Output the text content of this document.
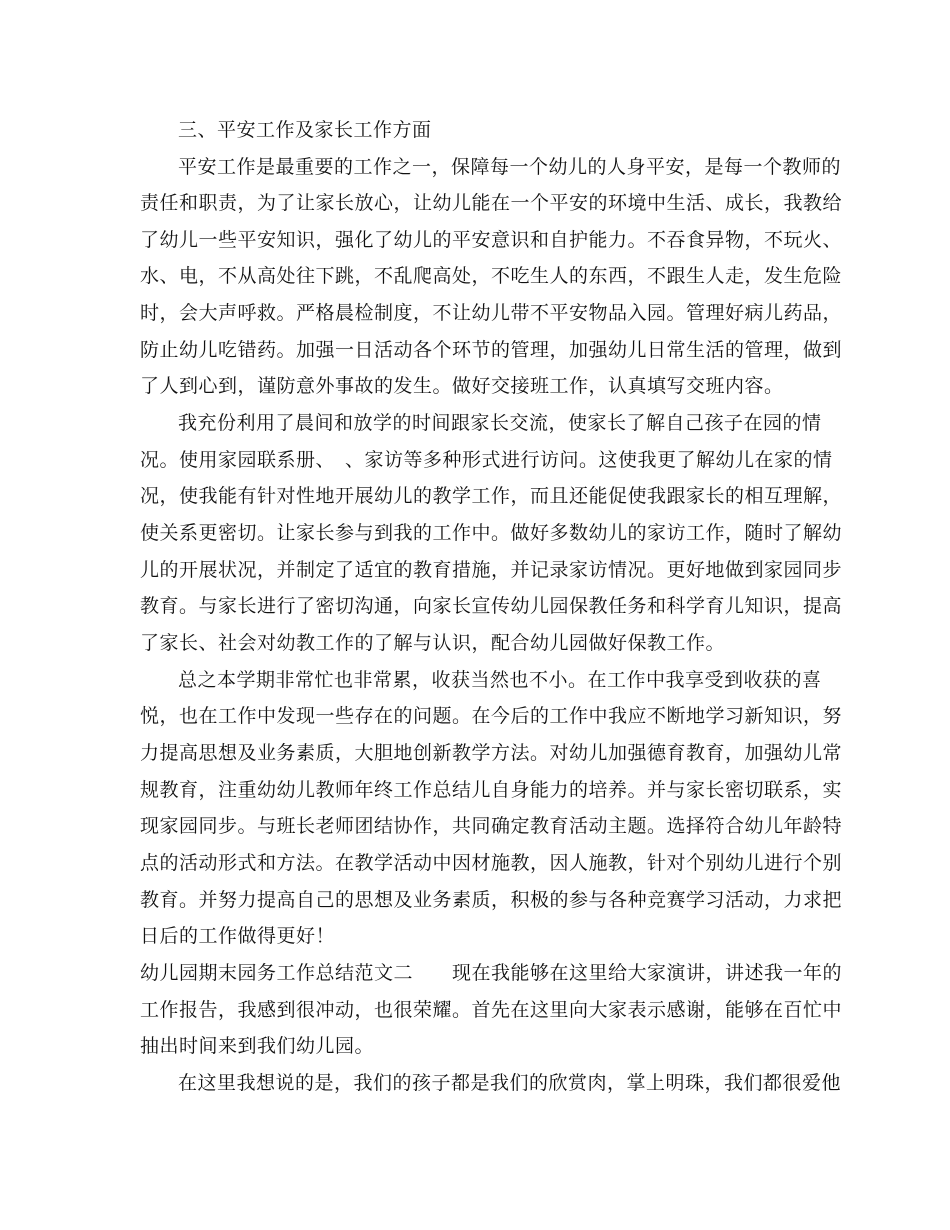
三、平安工作及家长工作方面
平安工作是最重要的工作之一，保障每一个幼儿的人身平安，是每一个教师的
责任和职责，为了让家长放心，让幼儿能在一个平安的环境中生活、成长，我教给
了幼儿一些平安知识，强化了幼儿的平安意识和自护能力。不吞食异物，不玩火、
水、电，不从高处往下跳，不乱爬高处，不吃生人的东西，不跟生人走，发生危险
时，会大声呼救。严格晨检制度，不让幼儿带不平安物品入园。管理好病儿药品，
防止幼儿吃错药。加强一日活动各个环节的管理，加强幼儿日常生活的管理，做到
了人到心到，谨防意外事故的发生。做好交接班工作，认真填写交班内容。
我充份利用了晨间和放学的时间跟家长交流，使家长了解自己孩子在园的情
况。使用家园联系册、　、家访等多种形式进行访问。这使我更了解幼儿在家的情
况，使我能有针对性地开展幼儿的教学工作，而且还能促使我跟家长的相互理解，
使关系更密切。让家长参与到我的工作中。做好多数幼儿的家访工作，随时了解幼
儿的开展状况，并制定了适宜的教育措施，并记录家访情况。更好地做到家园同步
教育。与家长进行了密切沟通，向家长宣传幼儿园保教任务和科学育儿知识，提高
了家长、社会对幼教工作的了解与认识，配合幼儿园做好保教工作。
总之本学期非常忙也非常累，收获当然也不小。在工作中我享受到收获的喜
悦，也在工作中发现一些存在的问题。在今后的工作中我应不断地学习新知识，努
力提高思想及业务素质，大胆地创新教学方法。对幼儿加强德育教育，加强幼儿常
规教育，注重幼幼儿教师年终工作总结儿自身能力的培养。并与家长密切联系，实
现家园同步。与班长老师团结协作，共同确定教育活动主题。选择符合幼儿年龄特
点的活动形式和方法。在教学活动中因材施教，因人施教，针对个别幼儿进行个别
教育。并努力提高自己的思想及业务素质，积极的参与各种竞赛学习活动，力求把
日后的工作做得更好！
幼儿园期末园务工作总结范文二　　现在我能够在这里给大家演讲，讲述我一年的
工作报告，我感到很冲动，也很荣耀。首先在这里向大家表示感谢，能够在百忙中
抽出时间来到我们幼儿园。
在这里我想说的是，我们的孩子都是我们的欣赏肉，掌上明珠，我们都很爱他
